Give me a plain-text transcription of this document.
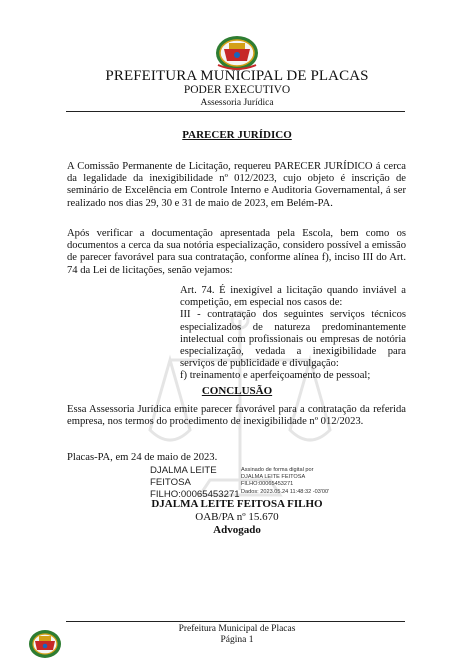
PREFEITURA MUNICIPAL DE PLACAS
PODER EXECUTIVO
Assessoria Jurídica
PARECER JURÍDICO

A Comissão Permanente de Licitação, requereu PARECER JURÍDICO á cerca da legalidade da inexigibilidade nº 012/2023, cujo objeto é inscrição de seminário de Excelência em Controle Interno e Auditoria Governamental, á ser realizado nos dias 29, 30 e 31 de maio de 2023, em Belém-PA.

Após verificar a documentação apresentada pela Escola, bem como os documentos a cerca da sua notória especialização, considero possível a emissão de parecer favorável para sua contratação, conforme alínea f), inciso III do Art. 74 da Lei de licitações, senão vejamos:

Art. 74. É inexigível a licitação quando inviável a competição, em especial nos casos de:
III - contratação dos seguintes serviços técnicos especializados de natureza predominantemente intelectual com profissionais ou empresas de notória especialização, vedada a inexigibilidade para serviços de publicidade e divulgação:
f) treinamento e aperfeiçoamento de pessoal;
CONCLUSÃO

Essa Assessoria Jurídica emite parecer favorável para a contratação da referida empresa, nos termos do procedimento de inexigibilidade nº 012/2023.

Placas-PA, em 24 de maio de 2023.

DJALMA LEITE
FEITOSA
FILHO:00065453271
Assinado de forma digital por
DJALMA LEITE FEITOSA
FILHO:00065453271
Dados: 2023.05.24 11:48:32 -03'00'
DJALMA LEITE FEITOSA FILHO
OAB/PA nº 15.670
Advogado
Prefeitura Municipal de Placas
Página 1
